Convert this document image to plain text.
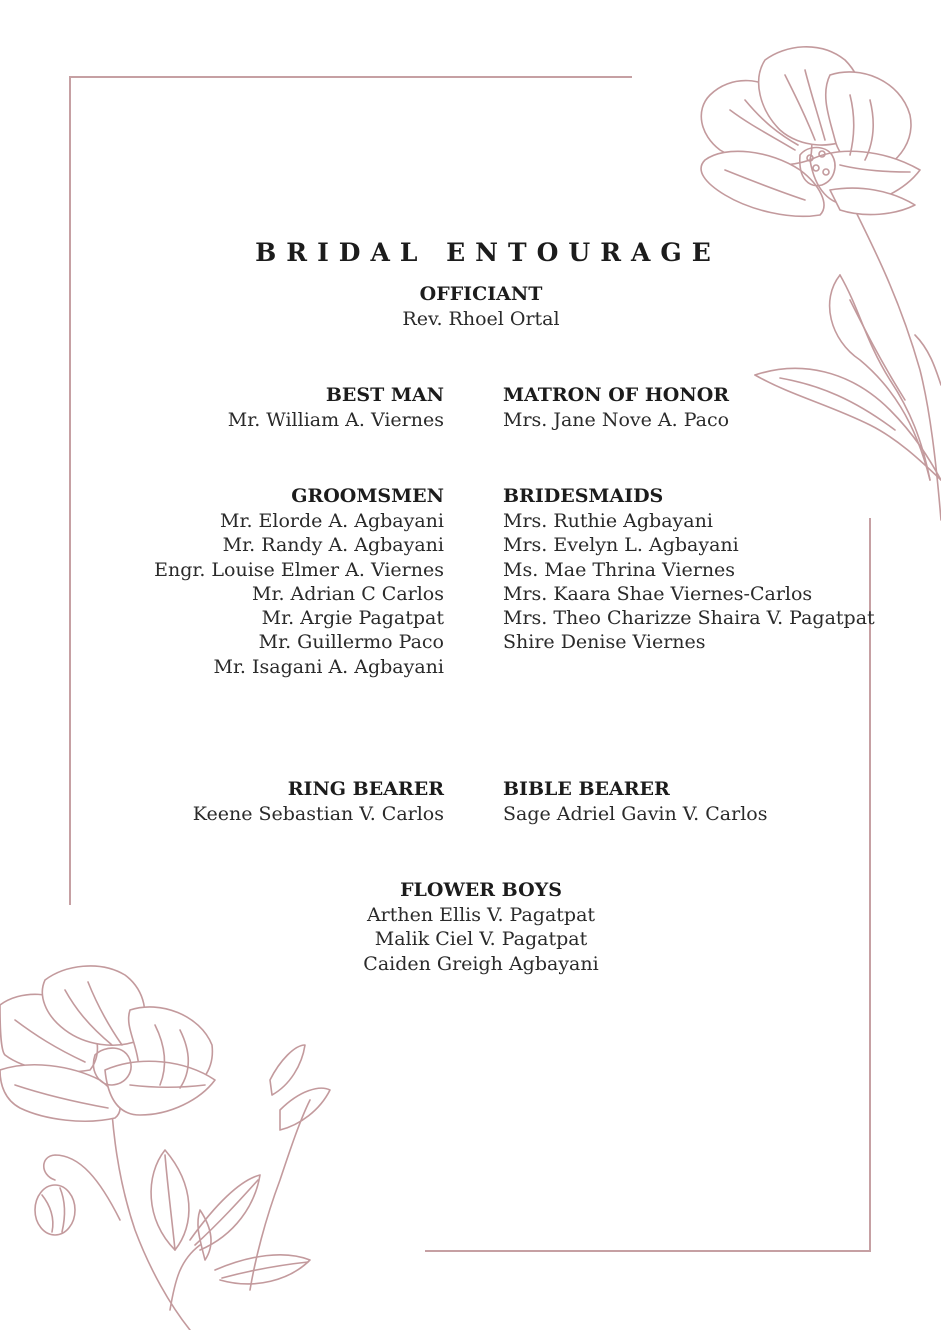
BRIDAL ENTOURAGE
OFFICIANT
Rev. Rhoel Ortal
BEST MAN
Mr. William A. Viernes
MATRON OF HONOR
Mrs. Jane Nove A. Paco
GROOMSMEN
Mr. Elorde A. Agbayani
Mr. Randy A. Agbayani
Engr. Louise Elmer A. Viernes
Mr. Adrian C Carlos
Mr. Argie Pagatpat
Mr. Guillermo Paco
Mr. Isagani A. Agbayani
BRIDESMAIDS
Mrs. Ruthie Agbayani
Mrs. Evelyn L. Agbayani
Ms. Mae Thrina Viernes
Mrs. Kaara Shae Viernes-Carlos
Mrs. Theo Charizze Shaira V. Pagatpat
Shire Denise Viernes
RING BEARER
Keene Sebastian V. Carlos
BIBLE BEARER
Sage Adriel Gavin V. Carlos
FLOWER BOYS
Arthen Ellis V. Pagatpat
Malik Ciel V. Pagatpat
Caiden Greigh Agbayani
